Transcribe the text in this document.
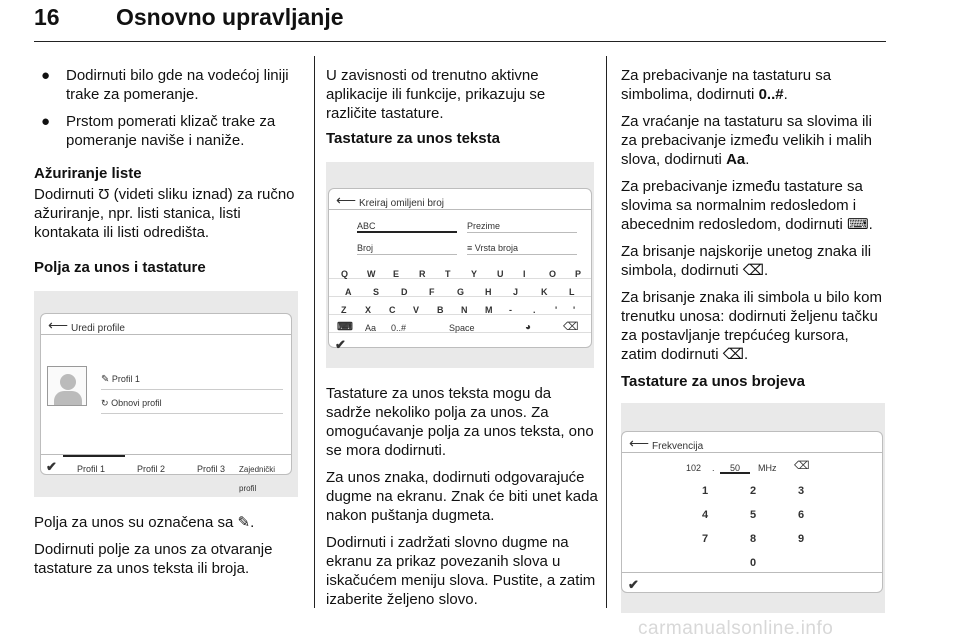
16 Osnovno upravljanje
● Dodirnuti bilo gde na vodećoj liniji trake za pomeranje.
● Prstom pomerati klizač trake za pomeranje naviše i naniže.
Ažuriranje liste

Dodirnuti Ʊ (videti sliku iznad) za ručno ažuriranje, npr. listi stanica, listi kontakata ili listi odredišta.

Polja za unos i tastature
⟵ Uredi profile
✎ Profil 1
↻ Obnovi profil
✔ Profil 1	Profil 2	Profil 3 Zajednički profil

Polja za unos su označena sa ✎.

Dodirnuti polje za unos za otvaranje tastature za unos teksta ili broja.

U zavisnosti od trenutno aktivne aplikacije ili funkcije, prikazuju se različite tastature.

Tastature za unos teksta
⟵ Kreiraj omiljeni broj
ABC	Prezime
Broj	≡ Vrsta broja
Q W E R T Y U I	O P
A S D F	G H J	K L
Z X C V B N M - . ' '
⌨ Aa 0..#	Space	◕	⌫
✔

Tastature za unos teksta mogu da sadrže nekoliko polja za unos. Za omogućavanje polja za unos teksta, ono se mora dodirnuti.

Za unos znaka, dodirnuti odgovarajuće dugme na ekranu. Znak će biti unet kada nakon puštanja dugmeta.

Dodirnuti i zadržati slovno dugme na ekranu za prikaz povezanih slova u iskačućem meniju slova. Pustite, a zatim izaberite željeno slovo.

Za prebacivanje na tastaturu sa simbolima, dodirnuti 0..#.

Za vraćanje na tastaturu sa slovima ili za prebacivanje između velikih i malih slova, dodirnuti Aa.

Za prebacivanje između tastature sa slovima sa normalnim redosledom i abecednim redosledom, dodirnuti ⌨.

Za brisanje najskorije unetog znaka ili simbola, dodirnuti ⌫.

Za brisanje znaka ili simbola u bilo kom trenutku unosa: dodirnuti željenu tačku za postavljanje trepćućeg kursora, zatim dodirnuti ⌫.

Tastature za unos brojeva
⟵ Frekvencija
102 . 50 MHz ⌫
1	2	3
4	5	6
7	8	9
0
✔
carmanualsonline.info
